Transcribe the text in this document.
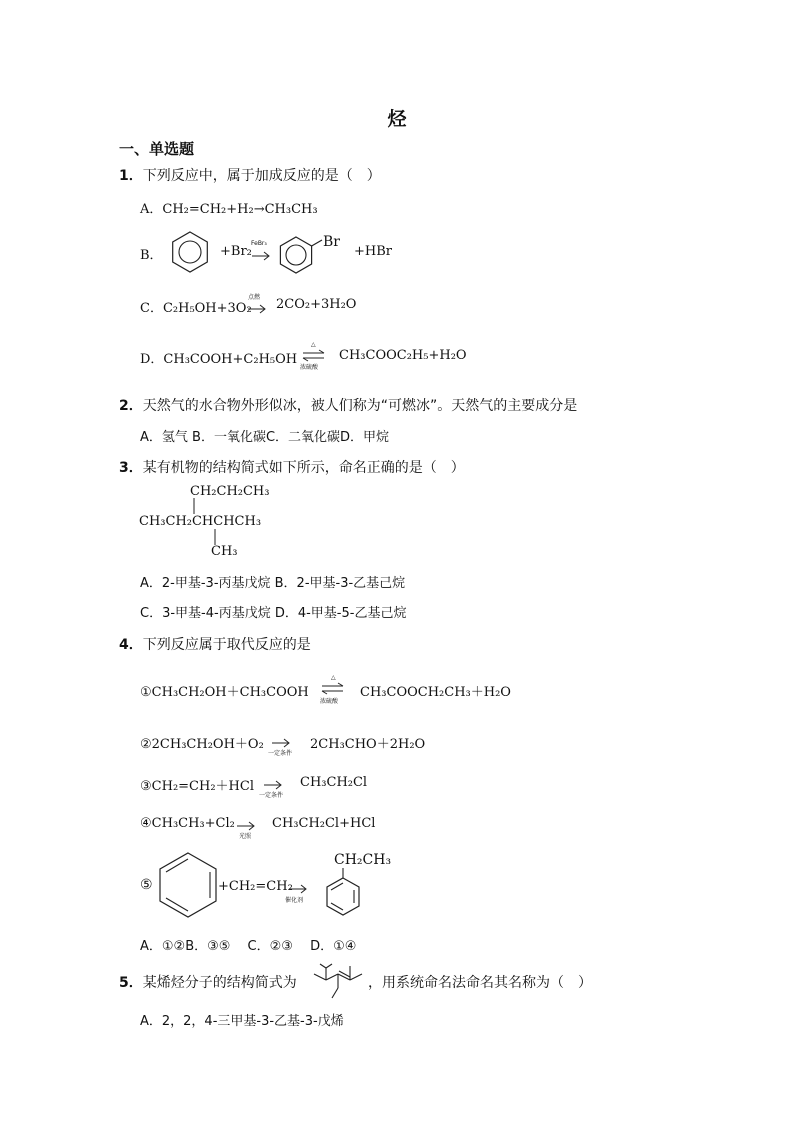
烃
一、单选题
1．下列反应中，属于加成反应的是（　）
A．CH₂=CH₂+H₂→CH₃CH₃
B．	+Br₂
FeBr₃	Br
+HBr
C．C₂H₅OH+3O₂
点燃 → 2CO₂+3H₂O
D．CH₃COOH+C₂H₅OH
△
浓硫酸
CH₃COOC₂H₅+H₂O
2．天然气的水合物外形似冰，被人们称为“可燃冰”。天然气的主要成分是
A．氢气 B．一氧化碳C．二氧化碳D．甲烷
3．某有机物的结构简式如下所示，命名正确的是（　）
CH₂CH₂CH₃
CH₃CH₂CHCHCH₃
CH₃
A．2-甲基-3-丙基戊烷 B．2-甲基-3-乙基己烷
C．3-甲基-4-丙基戊烷 D．4-甲基-5-乙基己烷
4．下列反应属于取代反应的是
①CH₃CH₂OH＋CH₃COOH
△
浓硫酸
CH₃COOCH₂CH₃＋H₂O
②2CH₃CH₂OH＋O₂ →
一定条件
2CH₃CHO＋2H₂O
③CH₂=CH₂＋HCl →
一定条件
CH₃CH₂Cl
④CH₃CH₃+Cl₂ →
光照
CH₃CH₂Cl+HCl
⑤	+CH₂=CH₂
催化剂
CH₂CH₃
A．①②B．③⑤　 C．②③　 D．①④
5．某烯烃分子的结构简式为	，用系统命名法命名其名称为（　）
A．2，2，4-三甲基-3-乙基-3-戊烯
